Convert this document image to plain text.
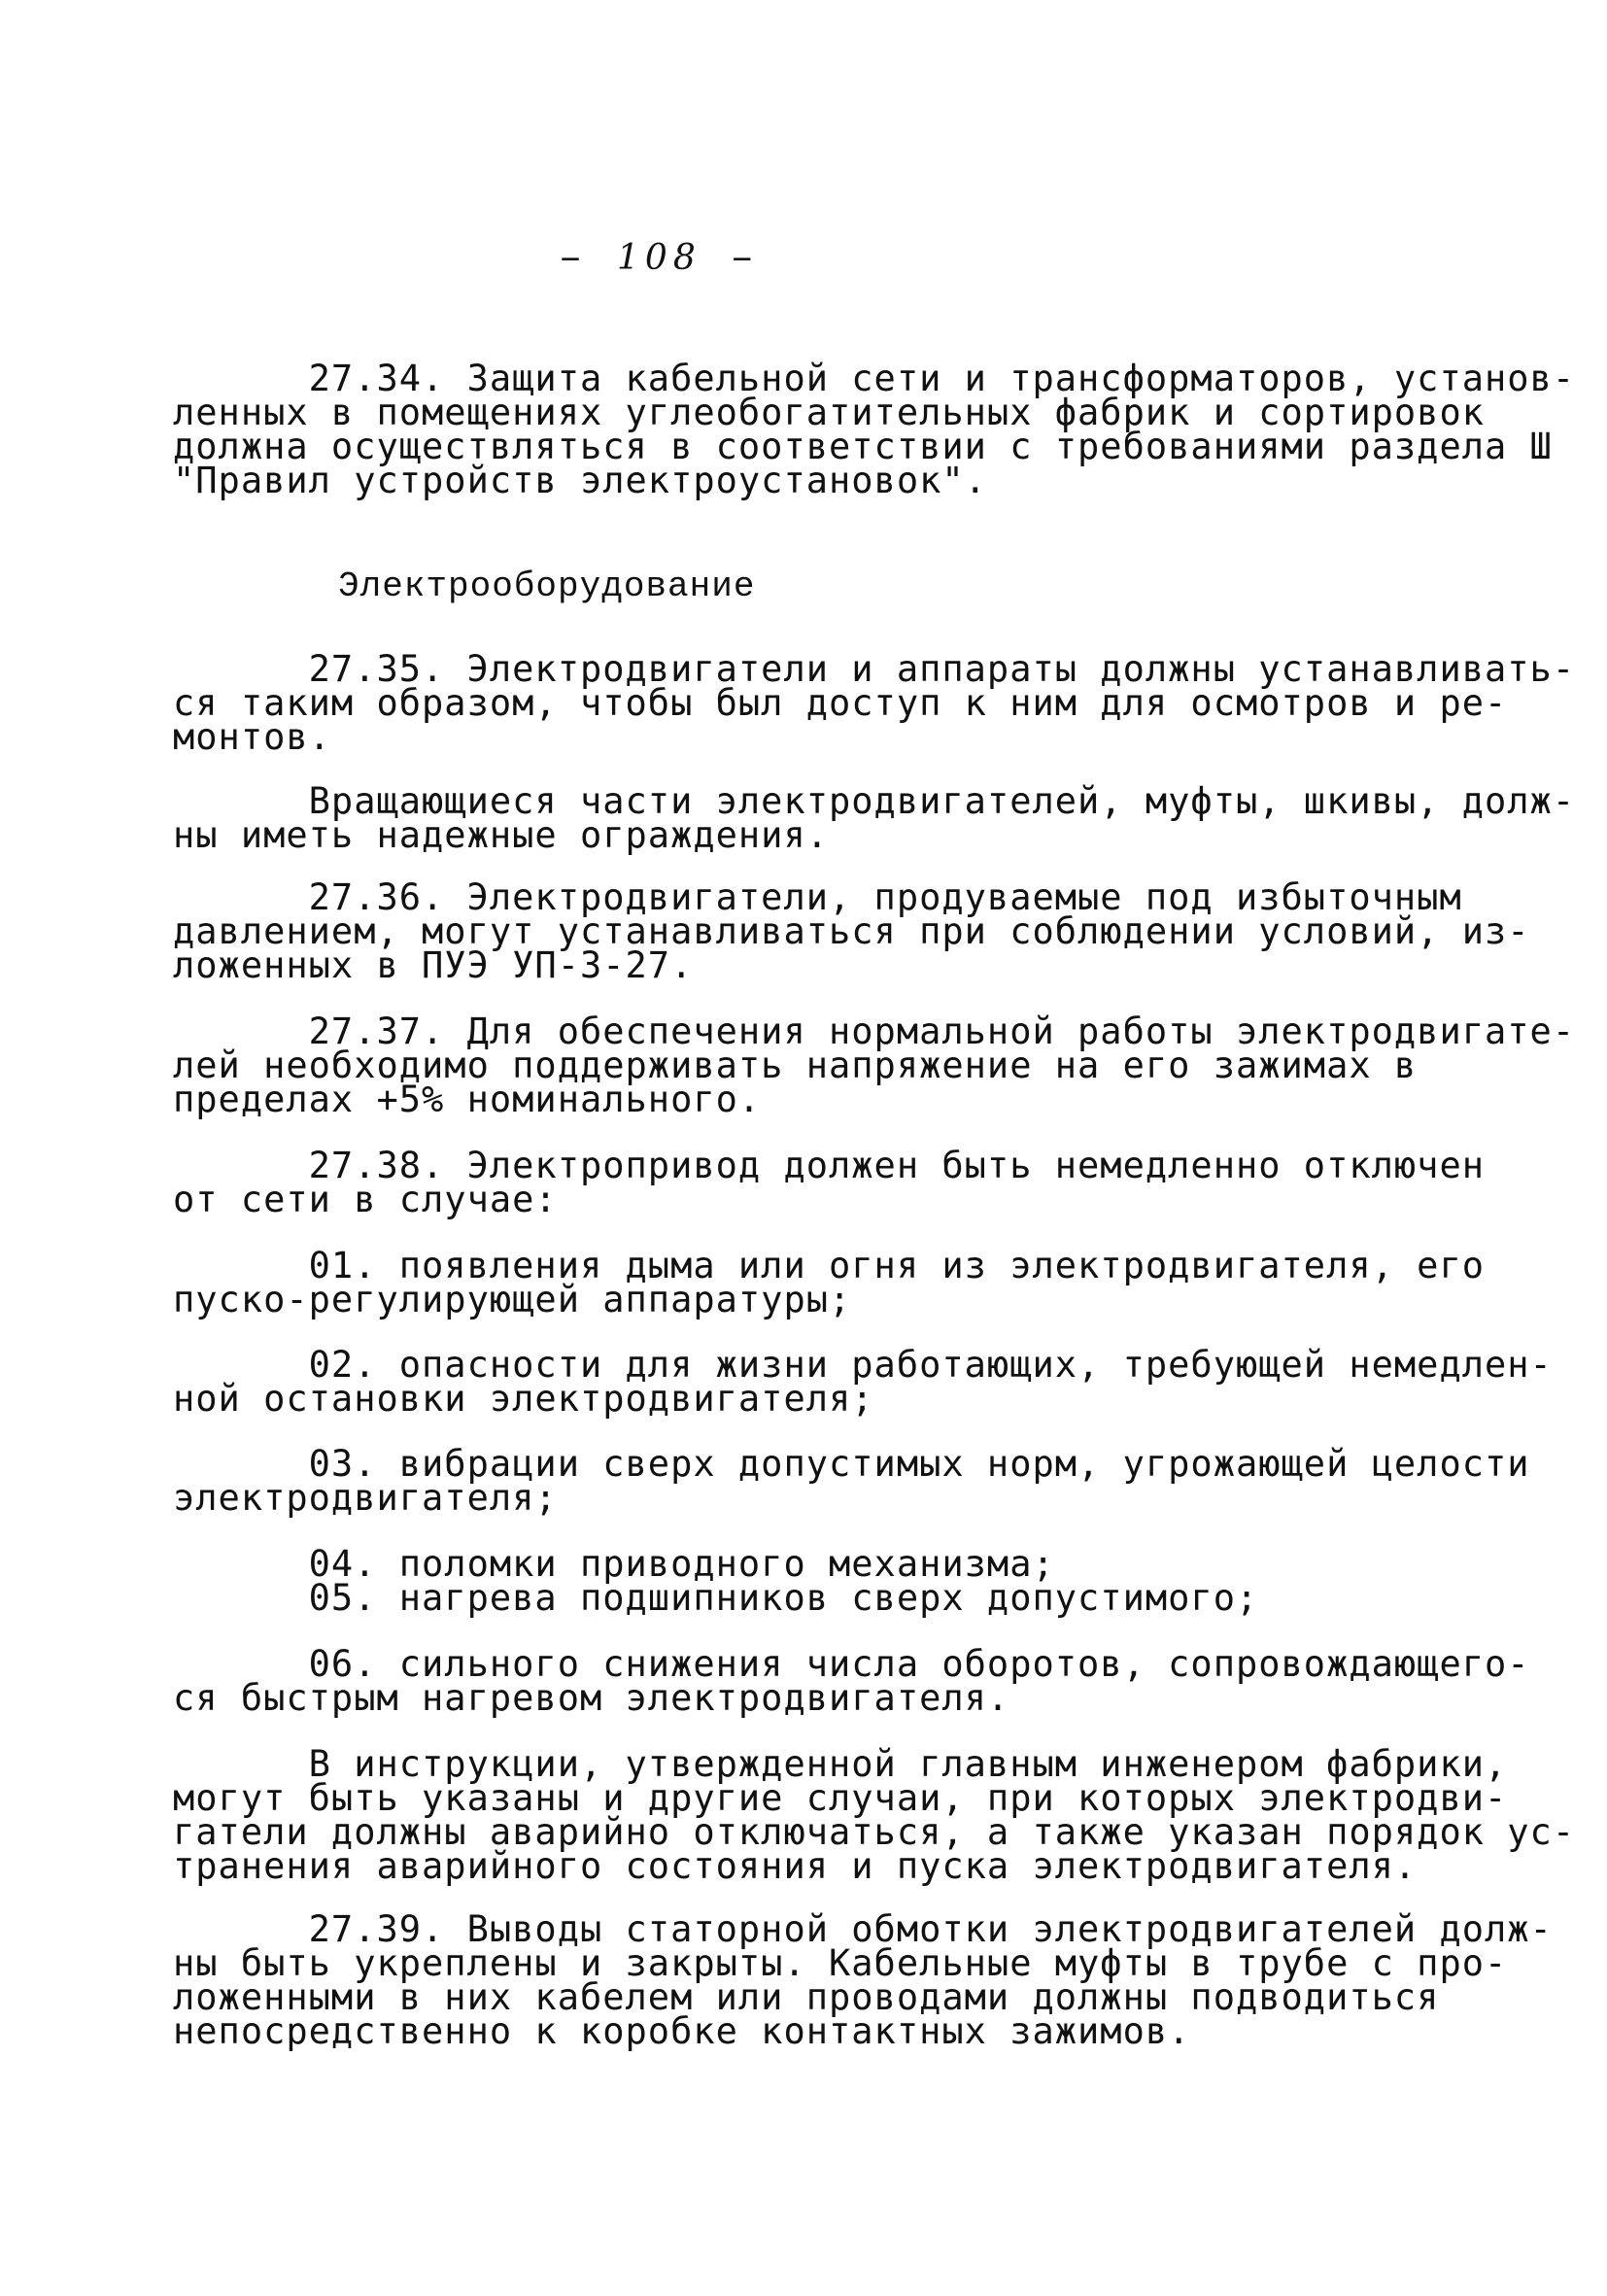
– 108 –
27.34. Защита кабельной сети и трансформаторов, установ-
ленных в помещениях углеобогатительных фабрик и сортировок
должна осуществляться в соответствии с требованиями раздела Ш
"Правил устройств электроустановок".
Электрооборудование
27.35. Электродвигатели и аппараты должны устанавливать-
ся таким образом, чтобы был доступ к ним для осмотров и ре-
монтов.
Вращающиеся части электродвигателей, муфты, шкивы, долж-
ны иметь надежные ограждения.
27.36. Электродвигатели, продуваемые под избыточным
давлением, могут устанавливаться при соблюдении условий, из-
ложенных в ПУЭ УП-3-27.
27.37. Для обеспечения нормальной работы электродвигате-
лей необходимо поддерживать напряжение на его зажимах в
пределах +5% номинального.
27.38. Электропривод должен быть немедленно отключен
от сети в случае:
01. появления дыма или огня из электродвигателя, его
пуско-регулирующей аппаратуры;
02. опасности для жизни работающих, требующей немедлен-
ной остановки электродвигателя;
03. вибрации сверх допустимых норм, угрожающей целости
электродвигателя;
04. поломки приводного механизма;
05. нагрева подшипников сверх допустимого;
06. сильного снижения числа оборотов, сопровождающего-
ся быстрым нагревом электродвигателя.
В инструкции, утвержденной главным инженером фабрики,
могут быть указаны и другие случаи, при которых электродви-
гатели должны аварийно отключаться, а также указан порядок ус-
транения аварийного состояния и пуска электродвигателя.
27.39. Выводы статорной обмотки электродвигателей долж-
ны быть укреплены и закрыты. Кабельные муфты в трубе с про-
ложенными в них кабелем или проводами должны подводиться
непосредственно к коробке контактных зажимов.
